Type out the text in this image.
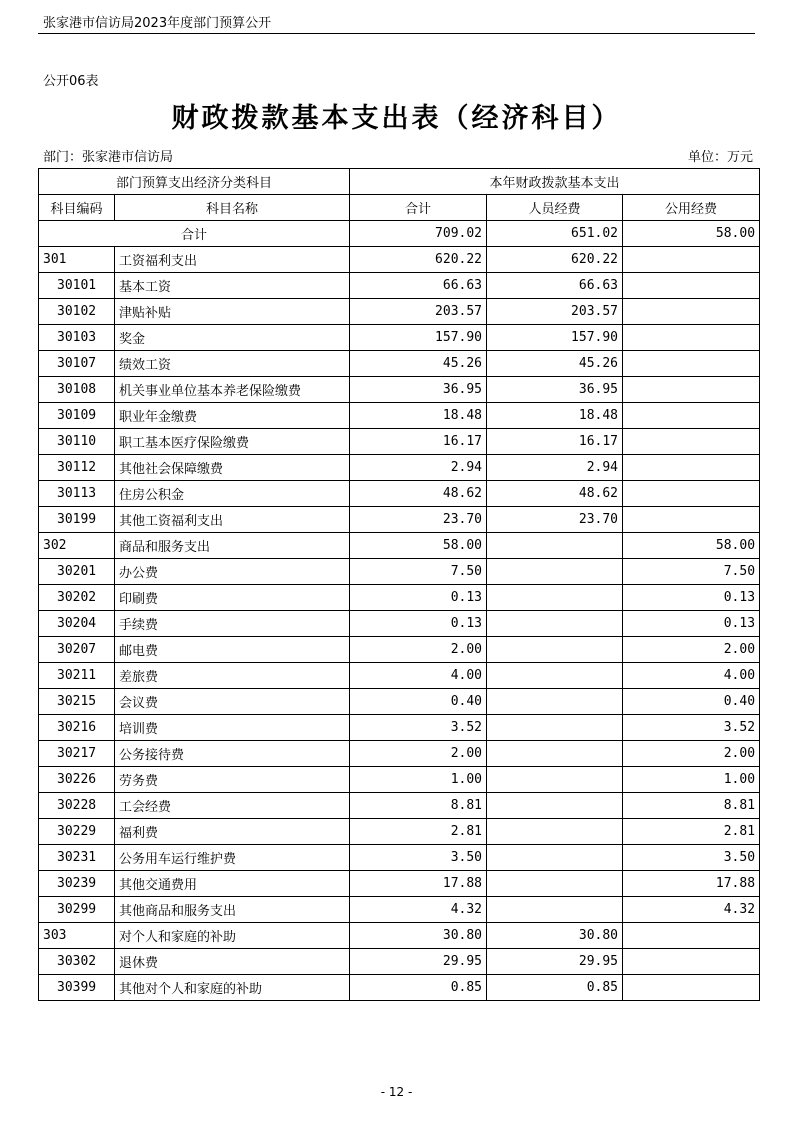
张家港市信访局2023年度部门预算公开
公开06表
财政拨款基本支出表（经济科目）
部门：张家港市信访局	单位：万元
部门预算支出经济分类科目		本年财政拨款基本支出		
科目编码	科目名称	合计	人员经费	公用经费
合计		709.02	651.02	58.00
301	工资福利支出	620.22	620.22	
30101	基本工资	66.63	66.63	
30102	津贴补贴	203.57	203.57	
30103	奖金	157.90	157.90	
30107	绩效工资	45.26	45.26	
30108	机关事业单位基本养老保险缴费	36.95	36.95	
30109	职业年金缴费	18.48	18.48	
30110	职工基本医疗保险缴费	16.17	16.17	
30112	其他社会保障缴费	2.94	2.94	
30113	住房公积金	48.62	48.62	
30199	其他工资福利支出	23.70	23.70	
302	商品和服务支出	58.00		58.00
30201	办公费	7.50		7.50
30202	印刷费	0.13		0.13
30204	手续费	0.13		0.13
30207	邮电费	2.00		2.00
30211	差旅费	4.00		4.00
30215	会议费	0.40		0.40
30216	培训费	3.52		3.52
30217	公务接待费	2.00		2.00
30226	劳务费	1.00		1.00
30228	工会经费	8.81		8.81
30229	福利费	2.81		2.81
30231	公务用车运行维护费	3.50		3.50
30239	其他交通费用	17.88		17.88
30299	其他商品和服务支出	4.32		4.32
303	对个人和家庭的补助	30.80	30.80	
30302	退休费	29.95	29.95	
30399	其他对个人和家庭的补助	0.85	0.85	
- 12 -
